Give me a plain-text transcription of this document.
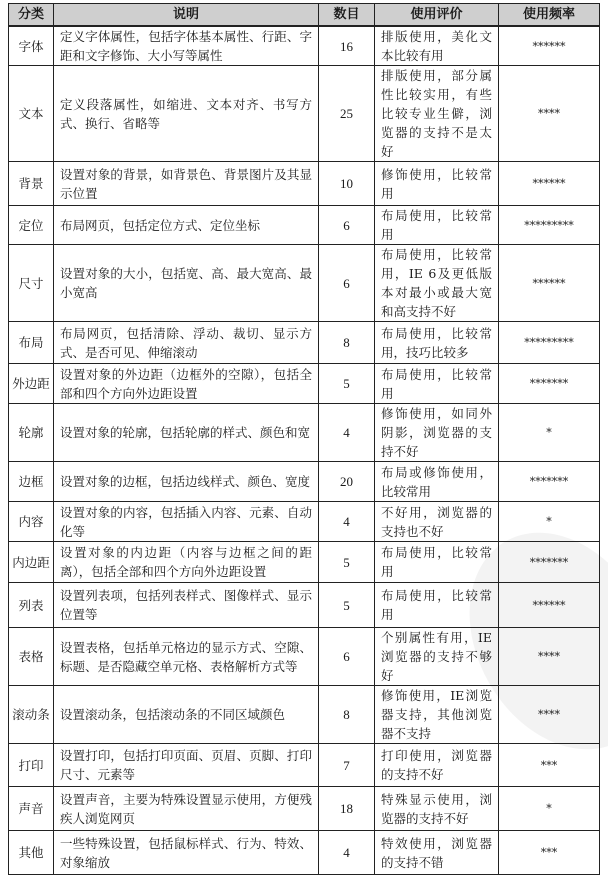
分类	说明	数目	使用评价	使用频率
字体	定义字体属性，包括字体基本属性、行距、字距和文字修饰、大小写等属性	16	排版使用，美化文本比较有用	******
文本	定义段落属性，如缩进、文本对齐、书写方式、换行、省略等	25	排版使用，部分属性比较实用，有些比较专业生僻，浏览器的支持不是太好	****
背景	设置对象的背景，如背景色、背景图片及其显示位置	10	修饰使用，比较常用	******
定位	布局网页，包括定位方式、定位坐标	6	布局使用，比较常用	*********
尺寸	设置对象的大小，包括宽、高、最大宽高、最小宽高	6	布局使用，比较常用，IE 6及更低版本对最小或最大宽和高支持不好	******
布局	布局网页，包括清除、浮动、裁切、显示方式、是否可见、伸缩滚动	8	布局使用，比较常用，技巧比较多	*********
外边距	设置对象的外边距（边框外的空隙），包括全部和四个方向外边距设置	5	布局使用，比较常用	*******
轮廓	设置对象的轮廓，包括轮廓的样式、颜色和宽	4	修饰使用，如同外阴影，浏览器的支持不好	*
边框	设置对象的边框，包括边线样式、颜色、宽度	20	布局或修饰使用，比较常用	*******
内容	设置对象的内容，包括插入内容、元素、自动化等	4	不好用，浏览器的支持也不好	*
内边距	设置对象的内边距（内容与边框之间的距离），包括全部和四个方向外边距设置	5	布局使用，比较常用	*******
列表	设置列表项，包括列表样式、图像样式、显示位置等	5	布局使用，比较常用	******
表格	设置表格，包括单元格边的显示方式、空隙、标题、是否隐藏空单元格、表格解析方式等	6	个别属性有用，IE浏览器的支持不够好	****
滚动条	设置滚动条，包括滚动条的不同区域颜色	8	修饰使用，IE浏览器支持，其他浏览器不支持	****
打印	设置打印，包括打印页面、页眉、页脚、打印尺寸、元素等	7	打印使用，浏览器的支持不好	***
声音	设置声音，主要为特殊设置显示使用，方便残疾人浏览网页	18	特殊显示使用，浏览器的支持不好	*
其他	一些特殊设置，包括鼠标样式、行为、特效、对象缩放	4	特效使用，浏览器的支持不错	***
